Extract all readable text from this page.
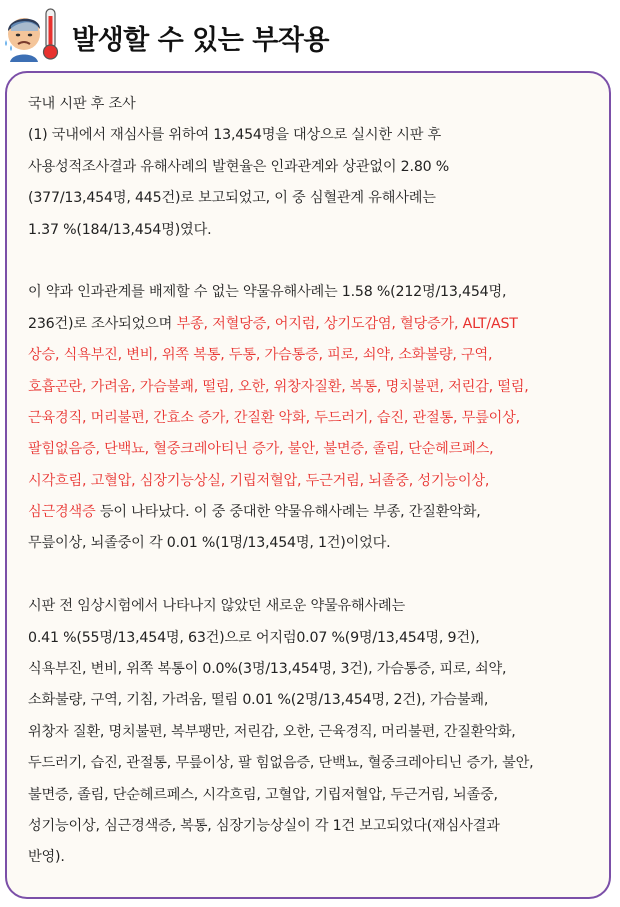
발생할 수 있는 부작용
국내 시판 후 조사
(1) 국내에서 재심사를 위하여 13,454명을 대상으로 실시한 시판 후
사용성적조사결과 유해사례의 발현율은 인과관계와 상관없이 2.80 %
(377/13,454명, 445건)로 보고되었고, 이 중 심혈관계 유해사례는
1.37 %(184/13,454명)였다.
이 약과 인과관계를 배제할 수 없는 약물유해사례는 1.58 %(212명/13,454명,
236건)로 조사되었으며 부종, 저혈당증, 어지럼, 상기도감염, 혈당증가, ALT/AST
상승, 식욕부진, 변비, 위쪽 복통, 두통, 가슴통증, 피로, 쇠약, 소화불량, 구역,
호흡곤란, 가려움, 가슴불쾌, 떨림, 오한, 위창자질환, 복통, 명치불편, 저린감, 떨림,
근육경직, 머리불편, 간효소 증가, 간질환 악화, 두드러기, 습진, 관절통, 무릎이상,
팔힘없음증, 단백뇨, 혈중크레아티닌 증가, 불안, 불면증, 졸림, 단순헤르페스,
시각흐림, 고혈압, 심장기능상실, 기립저혈압, 두근거림, 뇌졸중, 성기능이상,
심근경색증 등이 나타났다. 이 중 중대한 약물유해사례는 부종, 간질환악화,
무릎이상, 뇌졸중이 각 0.01 %(1명/13,454명, 1건)이었다.
시판 전 임상시험에서 나타나지 않았던 새로운 약물유해사례는
0.41 %(55명/13,454명, 63건)으로 어지럼0.07 %(9명/13,454명, 9건),
식욕부진, 변비, 위쪽 복통이 0.0%(3명/13,454명, 3건), 가슴통증, 피로, 쇠약,
소화불량, 구역, 기침, 가려움, 떨림 0.01 %(2명/13,454명, 2건), 가슴불쾌,
위창자 질환, 명치불편, 복부팽만, 저린감, 오한, 근육경직, 머리불편, 간질환악화,
두드러기, 습진, 관절통, 무릎이상, 팔 힘없음증, 단백뇨, 혈중크레아티닌 증가, 불안,
불면증, 졸림, 단순헤르페스, 시각흐림, 고혈압, 기립저혈압, 두근거림, 뇌졸중,
성기능이상, 심근경색증, 복통, 심장기능상실이 각 1건 보고되었다(재심사결과
반영).
